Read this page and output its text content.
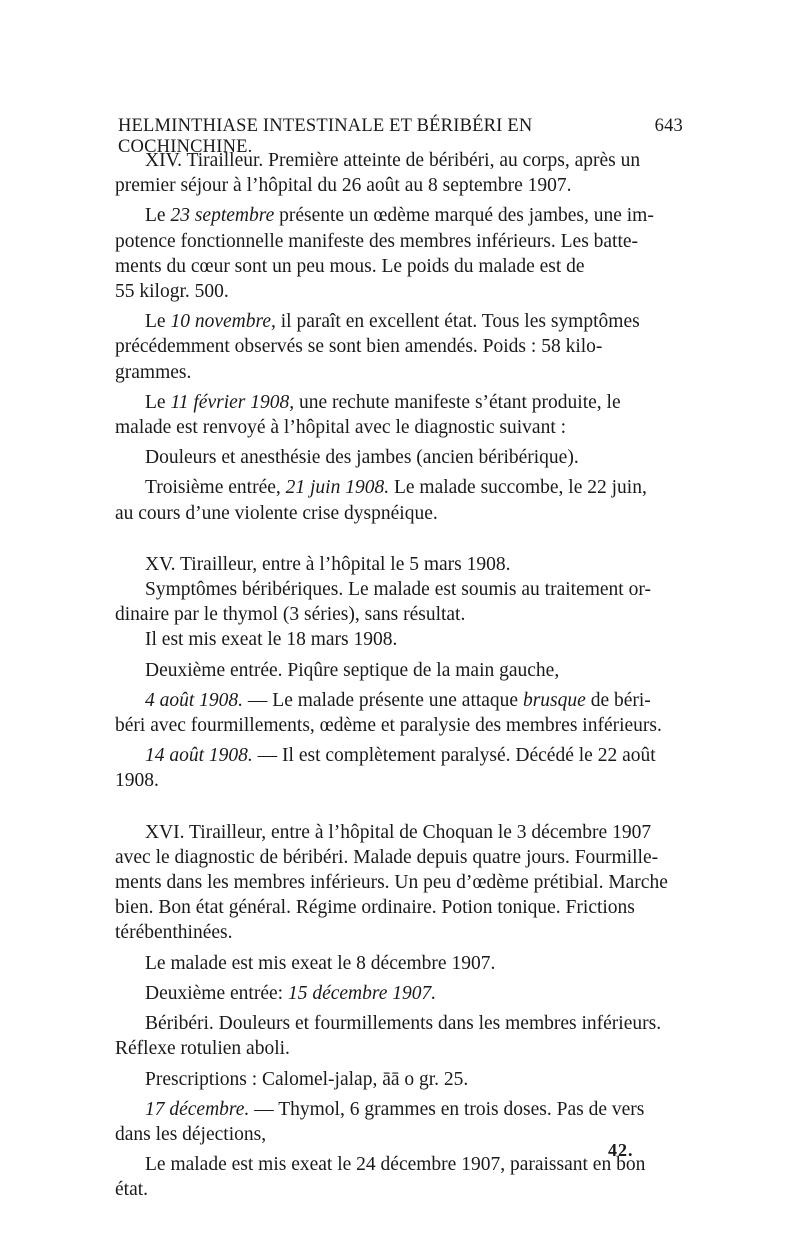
HELMINTHIASE INTESTINALE ET BÉRIBÉRI EN COCHINCHINE.
643

XIV. Tirailleur. Première atteinte de béribéri, au corps, après un
premier séjour à l’hôpital du 26 août au 8 septembre 1907.

Le 23 septembre présente un œdème marqué des jambes, une im-
potence fonctionnelle manifeste des membres inférieurs. Les batte-
ments du cœur sont un peu mous. Le poids du malade est de
55 kilogr. 500.

Le 10 novembre, il paraît en excellent état. Tous les symptômes
précédemment observés se sont bien amendés. Poids : 58 kilo-
grammes.

Le 11 février 1908, une rechute manifeste s’étant produite, le
malade est renvoyé à l’hôpital avec le diagnostic suivant :

Douleurs et anesthésie des jambes (ancien béribérique).

Troisième entrée, 21 juin 1908. Le malade succombe, le 22 juin,
au cours d’une violente crise dyspnéique.

XV. Tirailleur, entre à l’hôpital le 5 mars 1908.

Symptômes béribériques. Le malade est soumis au traitement or-
dinaire par le thymol (3 séries), sans résultat.

Il est mis exeat le 18 mars 1908.

Deuxième entrée. Piqûre septique de la main gauche,

4 août 1908. — Le malade présente une attaque brusque de béri-
béri avec fourmillements, œdème et paralysie des membres inférieurs.

14 août 1908. — Il est complètement paralysé. Décédé le 22 août
1908.

XVI. Tirailleur, entre à l’hôpital de Choquan le 3 décembre 1907
avec le diagnostic de béribéri. Malade depuis quatre jours. Fourmille-
ments dans les membres inférieurs. Un peu d’œdème prétibial. Marche
bien. Bon état général. Régime ordinaire. Potion tonique. Frictions
térébenthinées.

Le malade est mis exeat le 8 décembre 1907.

Deuxième entrée: 15 décembre 1907.

Béribéri. Douleurs et fourmillements dans les membres inférieurs.
Réflexe rotulien aboli.

Prescriptions : Calomel-jalap, āā o gr. 25.

17 décembre. — Thymol, 6 grammes en trois doses. Pas de vers
dans les déjections,

Le malade est mis exeat le 24 décembre 1907, paraissant en bon
état.

42.
